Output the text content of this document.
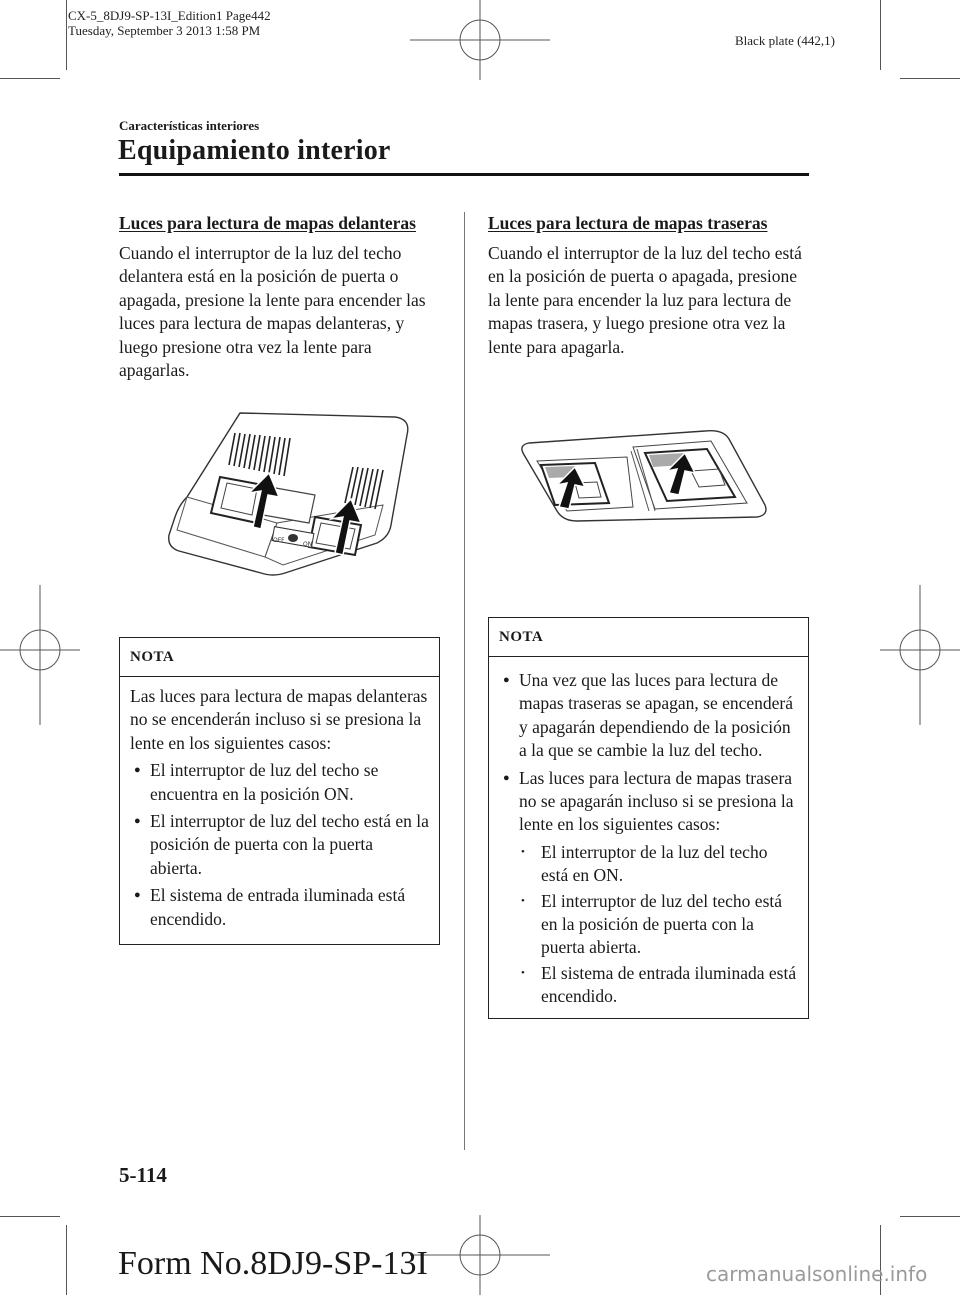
CX-5_8DJ9-SP-13I_Edition1 Page442
Tuesday, September 3 2013 1:58 PM
Black plate (442,1)
Características interiores
Equipamiento interior
Luces para lectura de mapas delanteras

Cuando el interruptor de la luz del techo delantera está en la posición de puerta o apagada, presione la lente para encender las luces para lectura de mapas delanteras, y luego presione otra vez la lente para apagarlas.

OFF
ON
NOTA

Las luces para lectura de mapas delanteras no se encenderán incluso si se presiona la lente en los siguientes casos:

● El interruptor de luz del techo se encuentra en la posición ON.
● El interruptor de luz del techo está en la posición de puerta con la puerta abierta.
● El sistema de entrada iluminada está encendido.
Luces para lectura de mapas traseras

Cuando el interruptor de la luz del techo está en la posición de puerta o apagada, presione la lente para encender la luz para lectura de mapas trasera, y luego presione otra vez la lente para apagarla.

NOTA
● Una vez que las luces para lectura de mapas traseras se apagan, se encenderá y apagarán dependiendo de la posición a la que se cambie la luz del techo.
● Las luces para lectura de mapas trasera no se apagarán incluso si se presiona la lente en los siguientes casos:
• El interruptor de la luz del techo está en ON.
• El interruptor de luz del techo está en la posición de puerta con la puerta abierta.
• El sistema de entrada iluminada está encendido.
5-114
Form No.8DJ9-SP-13I	carmanualsonline.info
